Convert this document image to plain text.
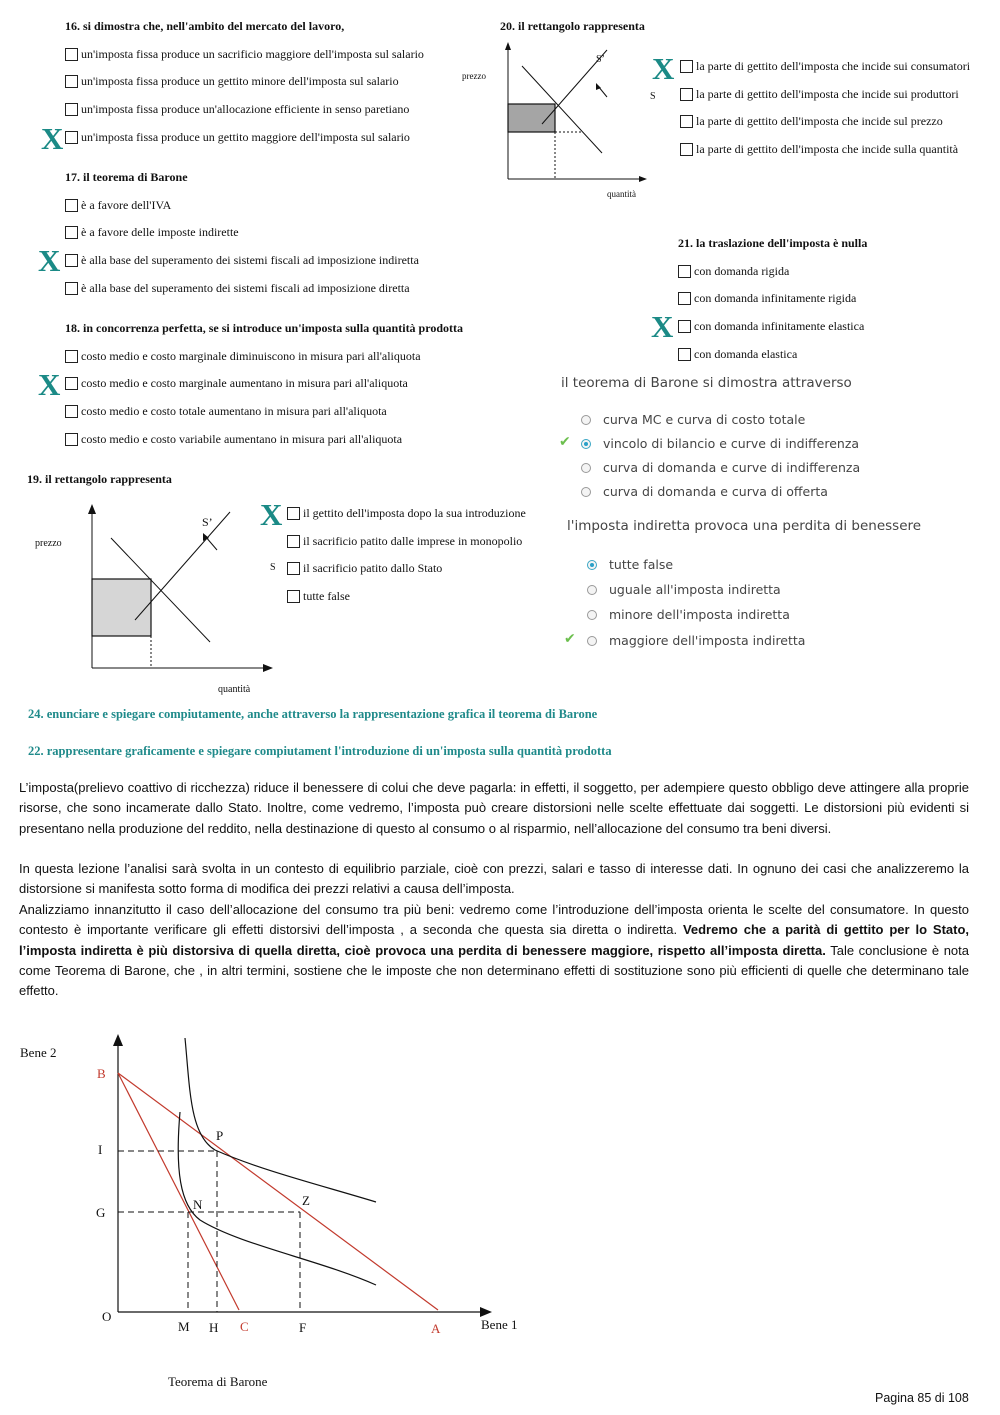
16. si dimostra che, nell'ambito del mercato del lavoro,
un'imposta fissa produce un sacrificio maggiore dell'imposta sul salario
un'imposta fissa produce un gettito minore dell'imposta sul salario
un'imposta fissa produce un'allocazione efficiente in senso paretiano
un'imposta fissa produce un gettito maggiore dell'imposta sul salario
X
17. il teorema di Barone
è a favore dell'IVA
è a favore delle imposte indirette
è alla base del superamento dei sistemi fiscali ad imposizione indiretta
è alla base del superamento dei sistemi fiscali ad imposizione diretta
X
18. in concorrenza perfetta, se si introduce un'imposta sulla quantità prodotta
costo medio e costo marginale diminuiscono in misura pari all'aliquota
costo medio e costo marginale aumentano in misura pari all'aliquota
costo medio e costo totale aumentano in misura pari all'aliquota
costo medio e costo variabile aumentano in misura pari all'aliquota
X
19. il rettangolo rappresenta
prezzo
quantità
S’
S
il gettito dell'imposta dopo la sua introduzione
il sacrificio patito dalle imprese in monopolio
il sacrificio patito dallo Stato
tutte false
X
20. il rettangolo rappresenta
prezzo
quantità
S’
S
la parte di gettito dell'imposta che incide sui consumatori
la parte di gettito dell'imposta che incide sui produttori
la parte di gettito dell'imposta che incide sul prezzo
la parte di gettito dell'imposta che incide sulla quantità
X
21. la traslazione dell'imposta è nulla
con domanda rigida
con domanda infinitamente rigida
con domanda infinitamente elastica
con domanda elastica
X
il teorema di Barone si dimostra attraverso
curva MC e curva di costo totale
vincolo di bilancio e curve di indifferenza
✔
curva di domanda e curve di indifferenza
curva di domanda e curva di offerta
l'imposta indiretta provoca una perdita di benessere
tutte false
uguale all'imposta indiretta
minore dell'imposta indiretta
maggiore dell'imposta indiretta
✔
24. enunciare e spiegare compiutamente, anche attraverso la rappresentazione grafica il teorema di Barone
22. rappresentare graficamente e spiegare compiutament l'introduzione di un'imposta sulla quantità prodotta
L’imposta(prelievo coattivo di ricchezza) riduce il benessere di colui che deve pagarla: in effetti, il soggetto, per adempiere questo obbligo deve attingere alla proprie risorse, che sono incamerate dallo Stato. Inoltre, come vedremo, l’imposta può creare distorsioni nelle scelte effettuate dai soggetti. Le distorsioni più evidenti si presentano nella produzione del reddito, nella destinazione di questo al consumo o al risparmio, nell’allocazione del consumo tra beni diversi.
In questa lezione l’analisi sarà svolta in un contesto di equilibrio parziale, cioè con prezzi, salari e tasso di interesse dati. In ognuno dei casi che analizzeremo la distorsione si manifesta sotto forma di modifica dei prezzi relativi a causa dell’imposta.
Analizziamo innanzitutto il caso dell’allocazione del consumo tra più beni: vedremo come l’introduzione dell’imposta orienta le scelte del consumatore. In questo contesto è importante verificare gli effetti distorsivi dell’imposta , a seconda che questa sia diretta o indiretta. Vedremo che a parità di gettito per lo Stato, l’imposta indiretta è più distorsiva di quella diretta, cioè provoca una perdita di benessere maggiore, rispetto all’imposta diretta. Tale conclusione è nota come Teorema di Barone, che , in altri termini, sostiene che le imposte che non determinano effetti di sostituzione sono più efficienti di quelle che determinano tale effetto.
Bene 2
Bene 1
O
B
I
G
M H C	F	A
P
N	Z
Teorema di Barone
Pagina 85 di 108
